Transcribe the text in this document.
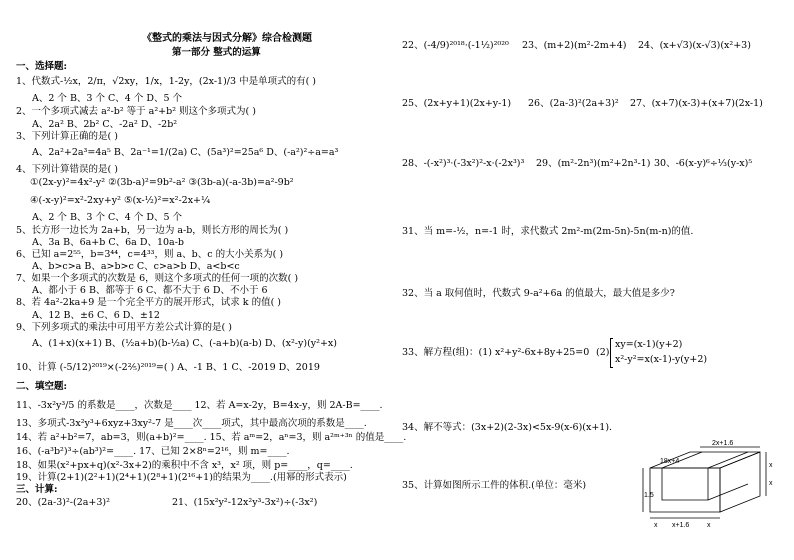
《整式的乘法与因式分解》综合检测题
第一部分 整式的运算
一、选择题:
1、代数式-½x，2/π，√2xy，1/x，1-2y，(2x-1)/3 中是单项式的有( )
A、2 个 B、3 个 C、4 个 D、5 个
2、一个多项式减去 a²-b² 等于 a²+b² 则这个多项式为( )
A、2a² B、2b² C、-2a² D、-2b²
3、下列计算正确的是( )
A、2a²+2a³=4a⁵ B、2a⁻¹=1/(2a) C、(5a³)²=25a⁶ D、(-a²)²÷a=a³
4、下列计算错误的是( )
①(2x-y)²=4x²-y² ②(3b-a)²=9b²-a² ③(3b-a)(-a-3b)=a²-9b²
④(-x-y)²=x²-2xy+y² ⑤(x-½)²=x²-2x+¼
A、2 个 B、3 个 C、4 个 D、5 个
5、长方形一边长为 2a+b，另一边为 a-b，则长方形的周长为( )
A、3a B、6a+b C、6a D、10a-b
6、已知 a=2⁵⁵，b=3⁴⁴，c=4³³，则 a、b、c 的大小关系为( )
A、b>c>a B、a>b>c C、c>a>b D、a<b<c
7、如果一个多项式的次数是 6，则这个多项式的任何一项的次数( )
A、都小于 6 B、都等于 6 C、都不大于 6 D、不小于 6
8、若 4a²-2ka+9 是一个完全平方的展开形式，试求 k 的值( )
A、12 B、±6 C、6 D、±12
9、下列多项式的乘法中可用平方差公式计算的是( )
A、(1+x)(x+1) B、(½a+b)(b-½a) C、(-a+b)(a-b) D、(x²-y)(y²+x)
10、计算 (-5/12)²⁰¹⁹×(-2⅖)²⁰¹⁹=( ) A、-1 B、1 C、-2019 D、2019
二、填空题:
11、-3x²y³/5 的系数是____，次数是____ 12、若 A=x-2y，B=4x-y，则 2A-B=____.
13、多项式-3x²y³+6xyz+3xy²-7 是____次____项式，其中最高次项的系数是____.
14、若 a²+b²=7，ab=3，则(a+b)²=____. 15、若 aᵐ=2，aⁿ=3，则 a²ᵐ⁺³ⁿ 的值是____.
16、(-a³b²)³÷(ab³)²=____. 17、已知 2×8ⁿ=2¹⁶，则 m=____.
18、如果(x²+px+q)(x²-3x+2)的乘积中不含 x³，x² 项，则 p=____，q=____.
19、计算(2+1)(2²+1)(2⁴+1)(2⁸+1)(2¹⁶+1)的结果为____.(用幂的形式表示)
三、计算:
20、(2a-3)²-(2a+3)²	21、(15x²y²-12x²y³-3x²)÷(-3x²)
22、(-4/9)²⁰¹⁸·(-1½)²⁰²⁰ 23、(m+2)(m²-2m+4) 24、(x+√3)(x-√3)(x²+3)
25、(2x+y+1)(2x+y-1) 26、(2a-3)²(2a+3)² 27、(x+7)(x-3)+(x+7)(2x-1)
28、-(-x²)³·(-3x²)²-x·(-2x³)³ 29、(m²-2n³)(m²+2n³-1) 30、-6(x-y)⁶÷⅓(y-x)⁵
31、当 m=-½，n=-1 时，求代数式 2m²-m(2m-5n)-5n(m-n)的值.
32、当 a 取何值时，代数式 9-a²+6a 的值最大，最大值是多少?
33、解方程(组)：(1) x²+y²-6x+8y+25=0 (2)
xy=(x-1)(y+2)
x²-y²=x(x-1)-y(y+2)
34、解不等式：(3x+2)(2-3x)<5x-9(x-6)(x+1).
35、计算如图所示工件的体积.(单位：毫米)
2x+1.6
18x+4
1.5
x
x
x x+1.6	x
